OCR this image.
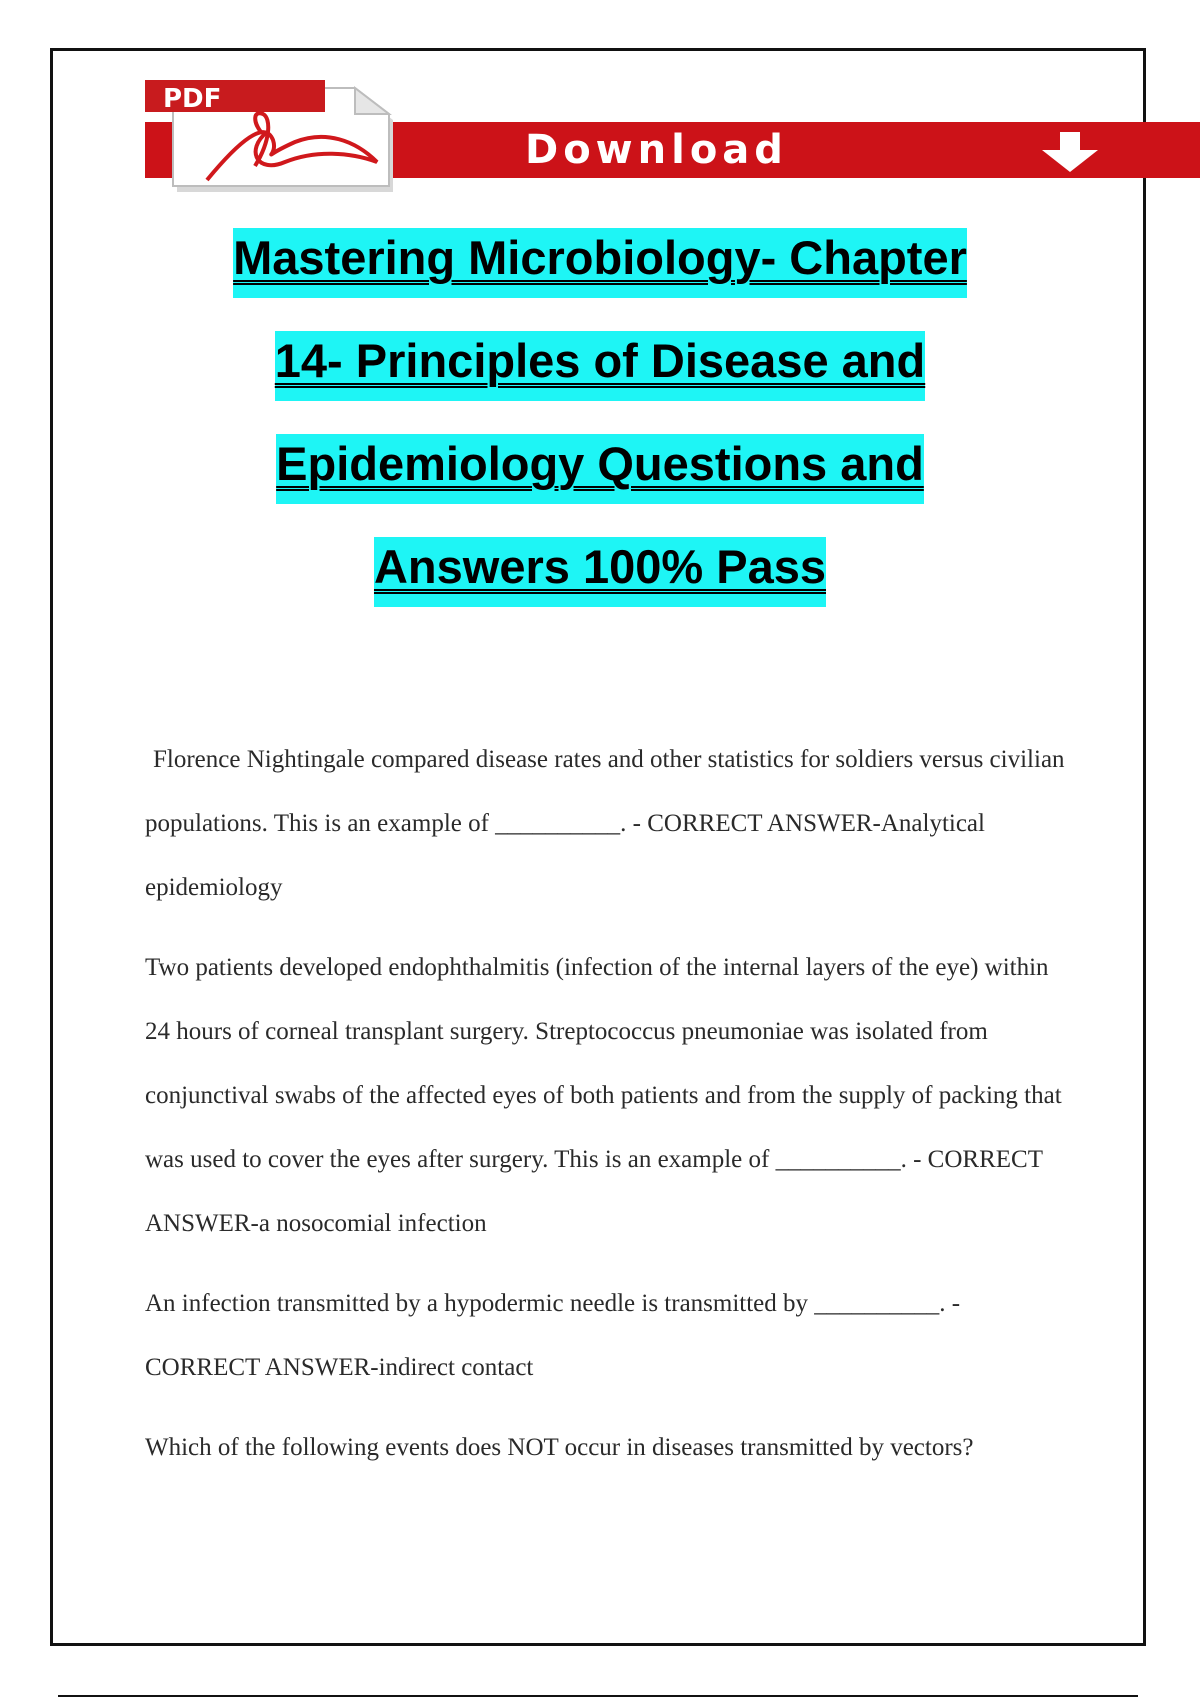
PDF
Download
Mastering Microbiology- Chapter
14- Principles of Disease and
Epidemiology Questions and
Answers 100% Pass

Florence Nightingale compared disease rates and other statistics for soldiers versus civilian populations. This is an example of __________. - CORRECT ANSWER-Analytical epidemiology

Two patients developed endophthalmitis (infection of the internal layers of the eye) within 24 hours of corneal transplant surgery. Streptococcus pneumoniae was isolated from conjunctival swabs of the affected eyes of both patients and from the supply of packing that was used to cover the eyes after surgery. This is an example of __________. - CORRECT ANSWER-a nosocomial infection

An infection transmitted by a hypodermic needle is transmitted by __________. - CORRECT ANSWER-indirect contact

Which of the following events does NOT occur in diseases transmitted by vectors?
